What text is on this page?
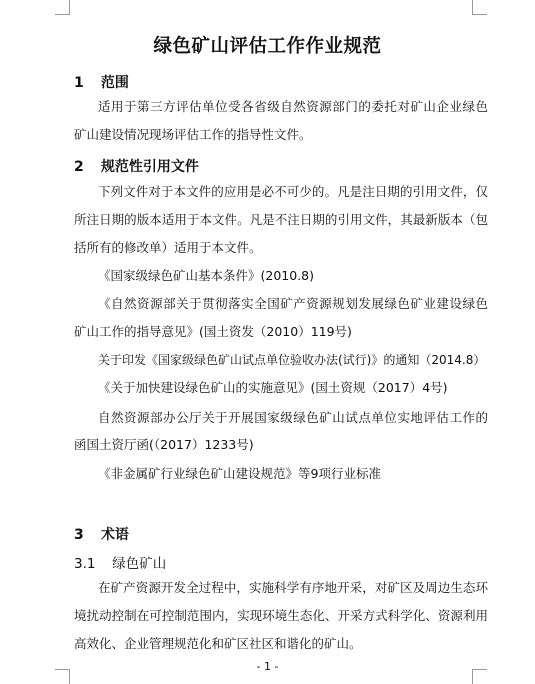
绿色矿山评估工作作业规范
1 范围
适用于第三方评估单位受各省级自然资源部门的委托对矿山企业绿色
矿山建设情况现场评估工作的指导性文件。
2 规范性引用文件
下列文件对于本文件的应用是必不可少的。凡是注日期的引用文件，仅
所注日期的版本适用于本文件。凡是不注日期的引用文件，其最新版本（包
括所有的修改单）适用于本文件。
《国家级绿色矿山基本条件》(2010.8)
《自然资源部关于贯彻落实全国矿产资源规划发展绿色矿业建设绿色
矿山工作的指导意见》(国土资发（2010）119号)
关于印发《国家级绿色矿山试点单位验收办法(试行)》的通知（2014.8）
《关于加快建设绿色矿山的实施意见》(国土资规（2017）4号)
自然资源部办公厅关于开展国家级绿色矿山试点单位实地评估工作的
函国土资厅函(（2017）1233号)
《非金属矿行业绿色矿山建设规范》等9项行业标准
3 术语
3.1 绿色矿山
在矿产资源开发全过程中，实施科学有序地开采，对矿区及周边生态环
境扰动控制在可控制范围内，实现环境生态化、开采方式科学化、资源利用
高效化、企业管理规范化和矿区社区和谐化的矿山。
- 1 -
